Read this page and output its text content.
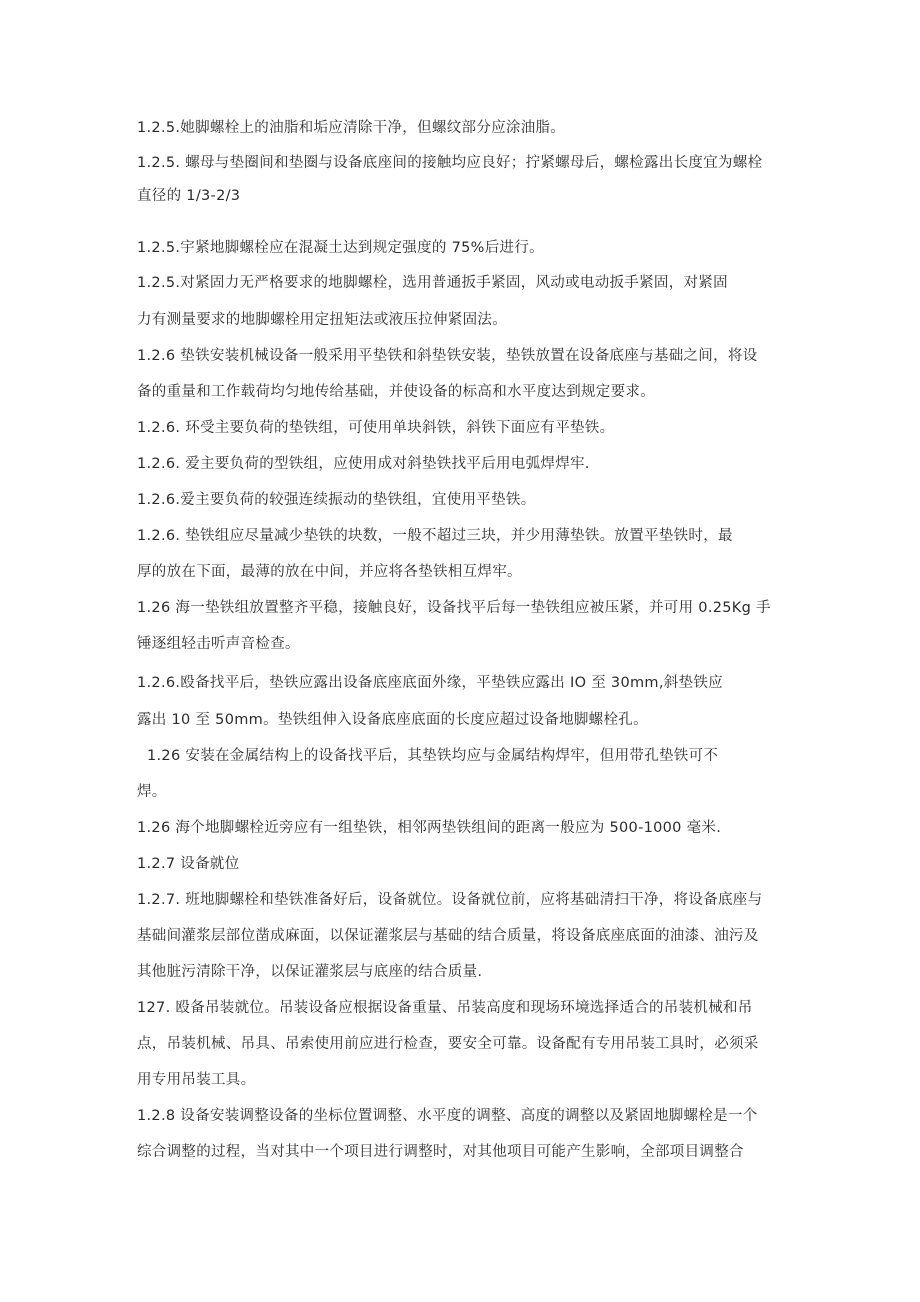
1.2.5.她脚螺栓上的油脂和垢应清除干净，但螺纹部分应涂油脂。
1.2.5. 螺母与垫圈间和垫圈与设备底座间的接触均应良好；拧紧螺母后，螺检露出长度宜为螺栓
直径的 1/3-2/3
1.2.5.宇紧地脚螺栓应在混凝土达到规定强度的 75%后进行。
1.2.5.对紧固力无严格要求的地脚螺栓，选用普通扳手紧固，风动或电动扳手紧固，对紧固
力有测量要求的地脚螺栓用定扭矩法或液压拉伸紧固法。
1.2.6 垫铁安装机械设备一般采用平垫铁和斜垫铁安装，垫铁放置在设备底座与基础之间，将设
备的重量和工作载荷均匀地传给基础，并使设备的标高和水平度达到规定要求。
1.2.6. 环受主要负荷的垫铁组，可使用单块斜铁，斜铁下面应有平垫铁。
1.2.6. 爱主要负荷的型铁组，应使用成对斜垫铁找平后用电弧焊焊牢.
1.2.6.爱主要负荷的较强连续振动的垫铁组，宜使用平垫铁。
1.2.6. 垫铁组应尽量减少垫铁的块数，一般不超过三块，并少用薄垫铁。放置平垫铁时，最
厚的放在下面，最薄的放在中间，并应将各垫铁相互焊牢。
1.26 海一垫铁组放置整齐平稳，接触良好，设备找平后每一垫铁组应被压紧，并可用 0.25Kg 手
锤逐组轻击听声音检查。
1.2.6.殴备找平后，垫铁应露出设备底座底面外缘，平垫铁应露出 IO 至 30mm,斜垫铁应
露出 10 至 50mm。垫铁组伸入设备底座底面的长度应超过设备地脚螺栓孔。
1.26 安装在金属结构上的设备找平后，其垫铁均应与金属结构焊牢，但用带孔垫铁可不
焊。
1.26 海个地脚螺栓近旁应有一组垫铁，相邻两垫铁组间的距离一般应为 500-1000 毫米.
1.2.7 设备就位
1.2.7. 班地脚螺栓和垫铁准备好后，设备就位。设备就位前，应将基础清扫干净，将设备底座与
基础间灌浆层部位凿成麻面，以保证灌浆层与基础的结合质量，将设备底座底面的油漆、油污及
其他脏污清除干净，以保证灌浆层与底座的结合质量.
127. 殴备吊装就位。吊装设备应根据设备重量、吊装高度和现场环境选择适合的吊装机械和吊
点，吊装机械、吊具、吊索使用前应进行检查，要安全可靠。设备配有专用吊装工具时，必须采
用专用吊装工具。
1.2.8 设备安装调整设备的坐标位置调整、水平度的调整、高度的调整以及紧固地脚螺栓是一个
综合调整的过程，当对其中一个项目进行调整时，对其他项目可能产生影响，全部项目调整合
